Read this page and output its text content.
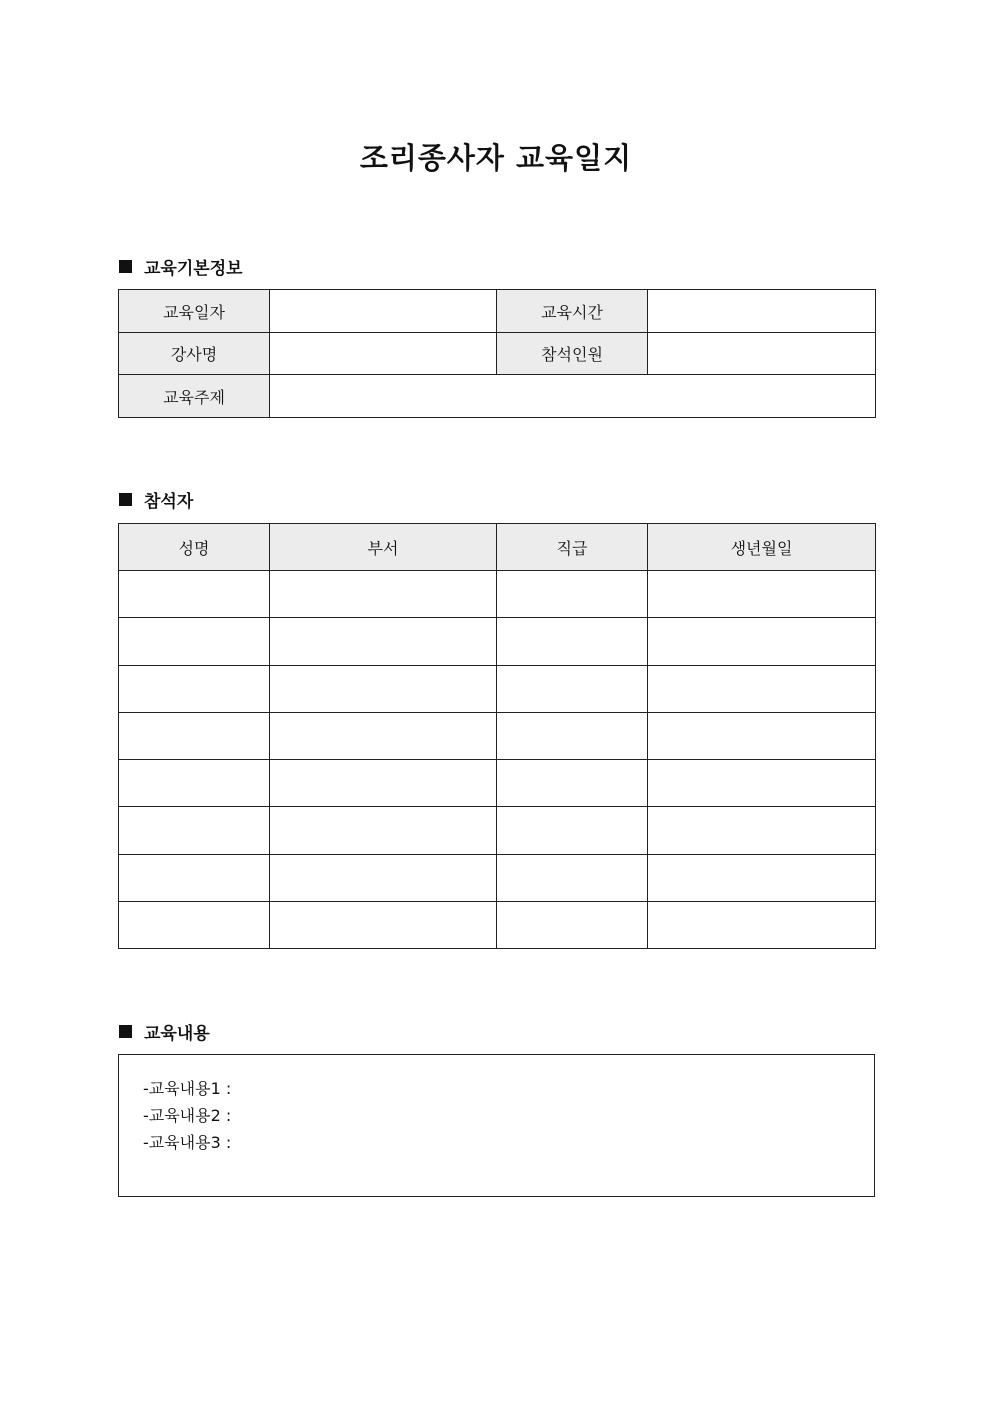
조리종사자 교육일지
교육기본정보
교육일자		교육시간	
강사명		참석인원	
교육주제			
참석자
성명	부서	직급	생년월일

교육내용
-교육내용1 :
-교육내용2 :
-교육내용3 :
